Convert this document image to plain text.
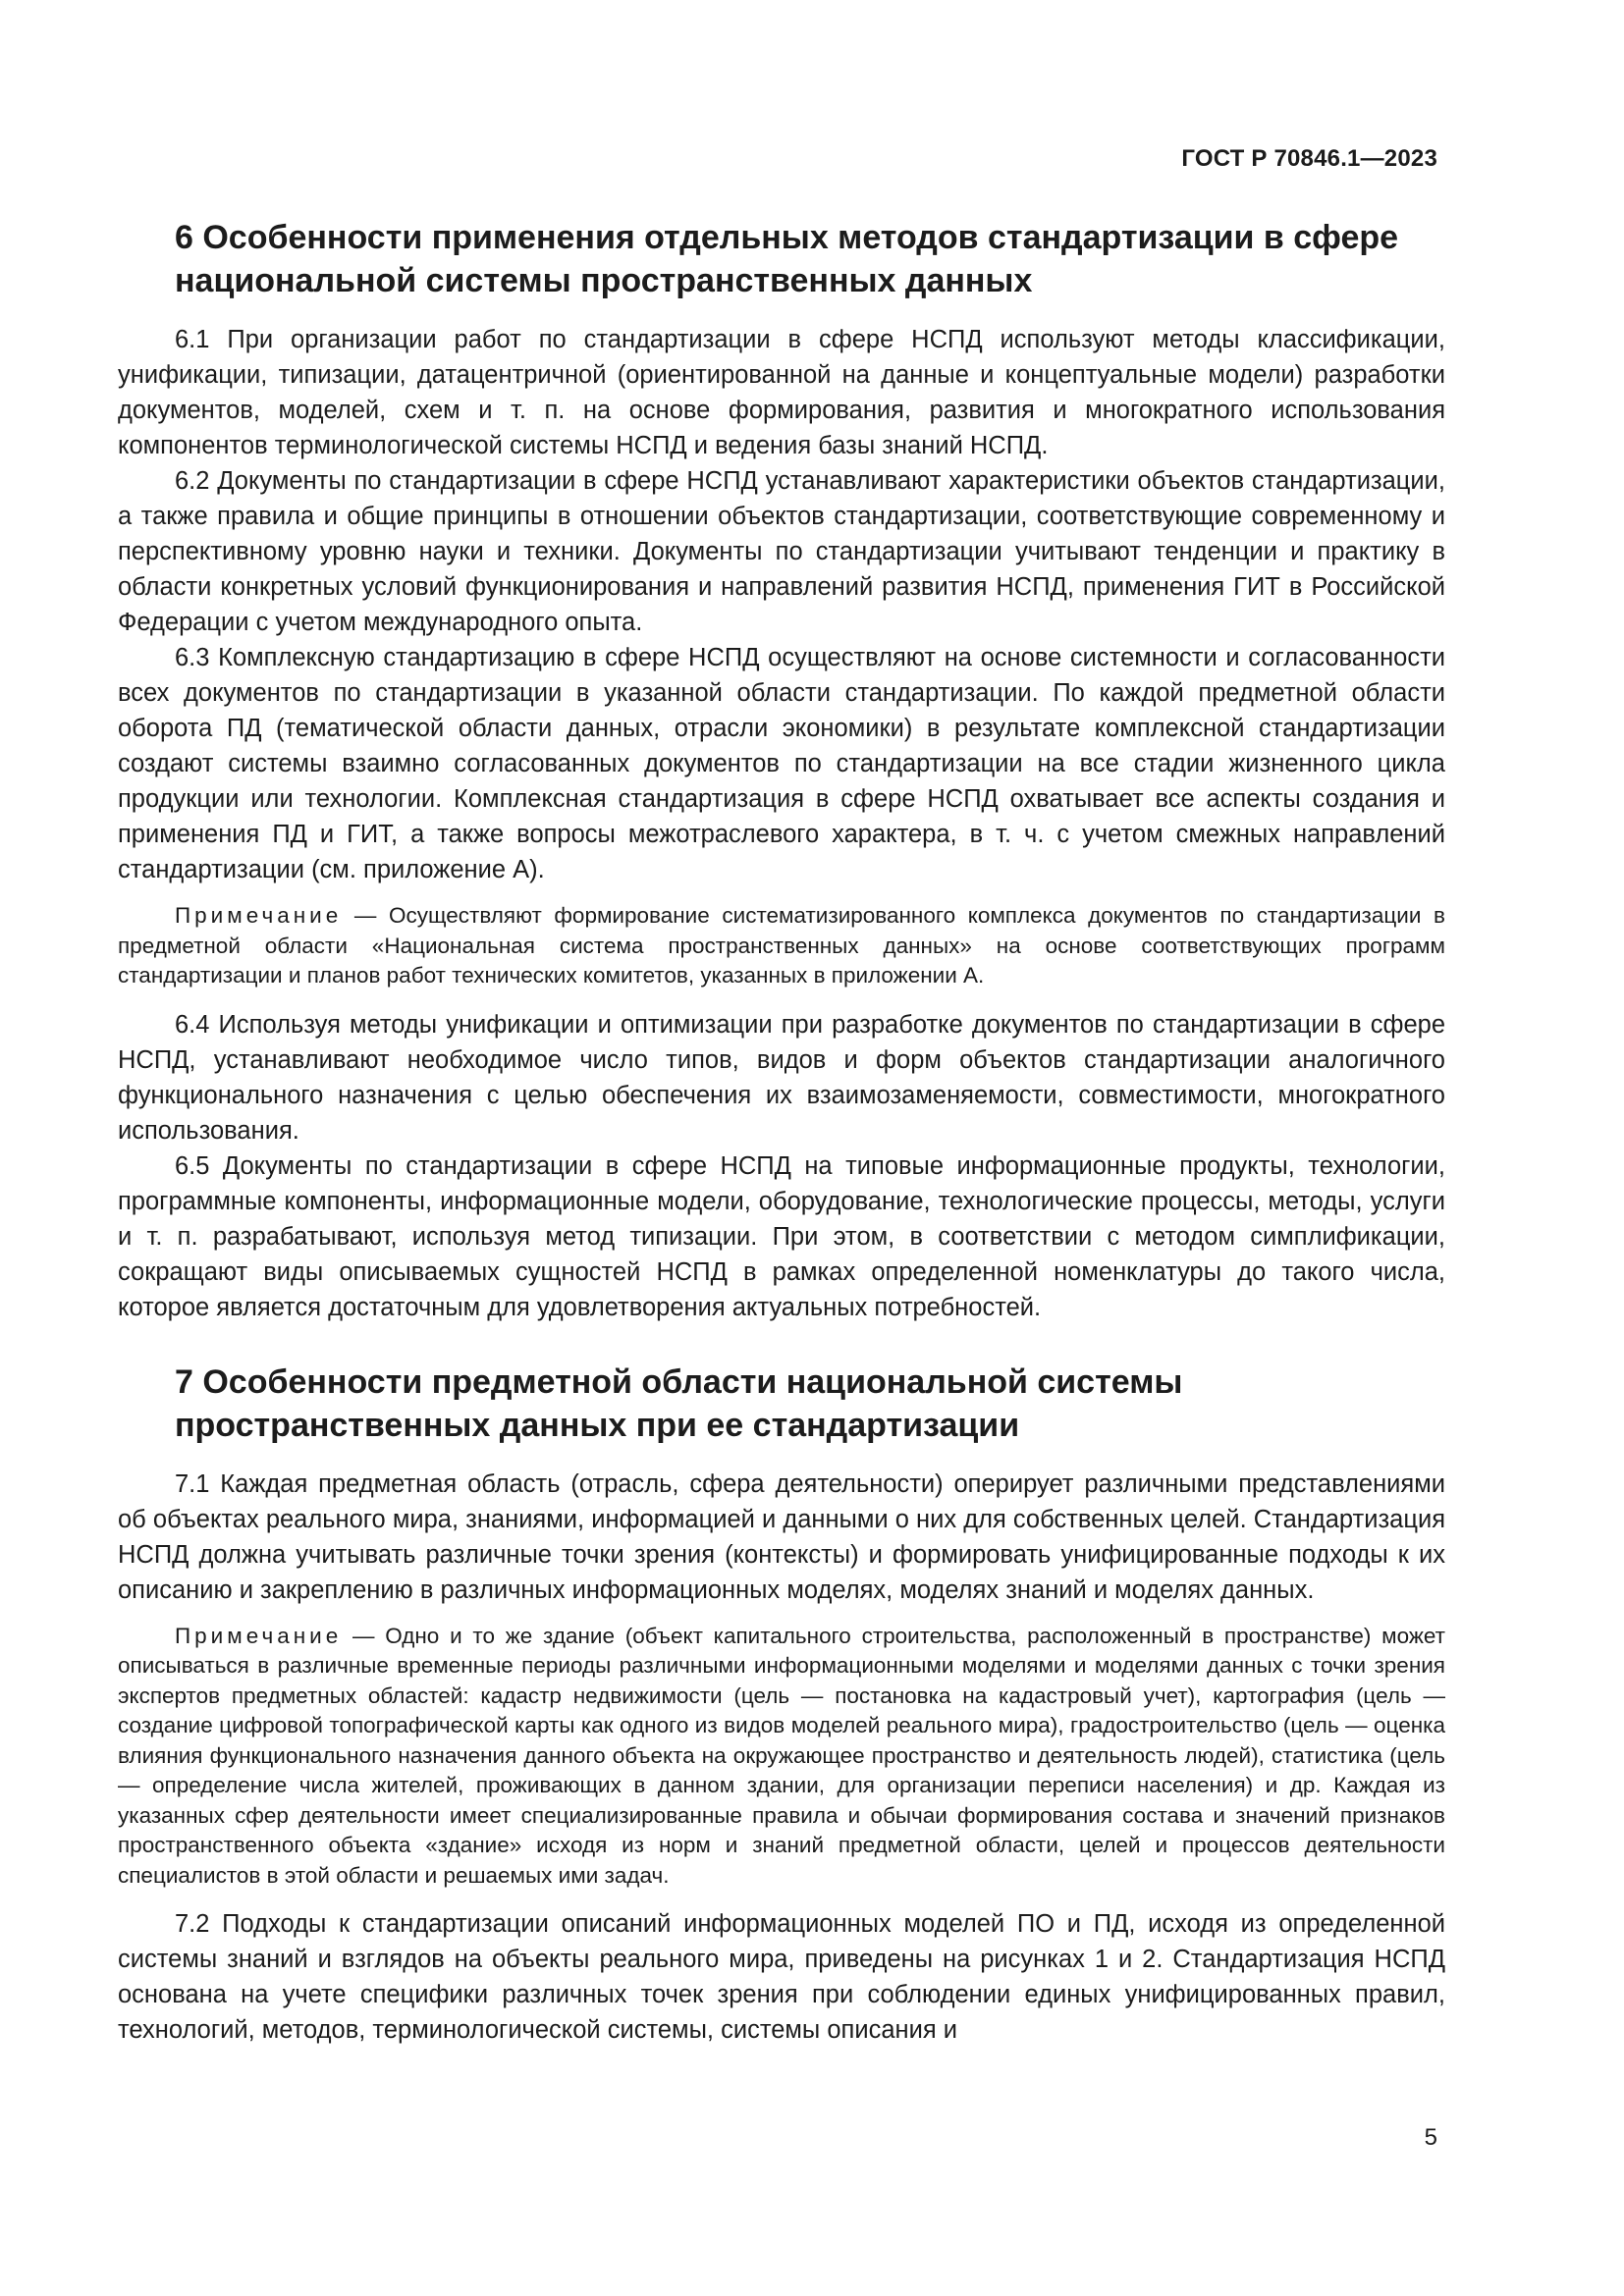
ГОСТ Р 70846.1—2023
6 Особенности применения отдельных методов стандартизации в сфере национальной системы пространственных данных

6.1 При организации работ по стандартизации в сфере НСПД используют методы классификации, унификации, типизации, датацентричной (ориентированной на данные и концептуальные модели) разработки документов, моделей, схем и т. п. на основе формирования, развития и многократного использования компонентов терминологической системы НСПД и ведения базы знаний НСПД.

6.2 Документы по стандартизации в сфере НСПД устанавливают характеристики объектов стандартизации, а также правила и общие принципы в отношении объектов стандартизации, соответствующие современному и перспективному уровню науки и техники. Документы по стандартизации учитывают тенденции и практику в области конкретных условий функционирования и направлений развития НСПД, применения ГИТ в Российской Федерации с учетом международного опыта.

6.3 Комплексную стандартизацию в сфере НСПД осуществляют на основе системности и согласованности всех документов по стандартизации в указанной области стандартизации. По каждой предметной области оборота ПД (тематической области данных, отрасли экономики) в результате комплексной стандартизации создают системы взаимно согласованных документов по стандартизации на все стадии жизненного цикла продукции или технологии. Комплексная стандартизация в сфере НСПД охватывает все аспекты создания и применения ПД и ГИТ, а также вопросы межотраслевого характера, в т. ч. с учетом смежных направлений стандартизации (см. приложение А).

Примечание — Осуществляют формирование систематизированного комплекса документов по стандартизации в предметной области «Национальная система пространственных данных» на основе соответствующих программ стандартизации и планов работ технических комитетов, указанных в приложении А.

6.4 Используя методы унификации и оптимизации при разработке документов по стандартизации в сфере НСПД, устанавливают необходимое число типов, видов и форм объектов стандартизации аналогичного функционального назначения с целью обеспечения их взаимозаменяемости, совместимости, многократного использования.

6.5 Документы по стандартизации в сфере НСПД на типовые информационные продукты, технологии, программные компоненты, информационные модели, оборудование, технологические процессы, методы, услуги и т. п. разрабатывают, используя метод типизации. При этом, в соответствии с методом симплификации, сокращают виды описываемых сущностей НСПД в рамках определенной номенклатуры до такого числа, которое является достаточным для удовлетворения актуальных потребностей.

7 Особенности предметной области национальной системы пространственных данных при ее стандартизации

7.1 Каждая предметная область (отрасль, сфера деятельности) оперирует различными представлениями об объектах реального мира, знаниями, информацией и данными о них для собственных целей. Стандартизация НСПД должна учитывать различные точки зрения (контексты) и формировать унифицированные подходы к их описанию и закреплению в различных информационных моделях, моделях знаний и моделях данных.

Примечание — Одно и то же здание (объект капитального строительства, расположенный в пространстве) может описываться в различные временные периоды различными информационными моделями и моделями данных с точки зрения экспертов предметных областей: кадастр недвижимости (цель — постановка на кадастровый учет), картография (цель — создание цифровой топографической карты как одного из видов моделей реального мира), градостроительство (цель — оценка влияния функционального назначения данного объекта на окружающее пространство и деятельность людей), статистика (цель — определение числа жителей, проживающих в данном здании, для организации переписи населения) и др. Каждая из указанных сфер деятельности имеет специализированные правила и обычаи формирования состава и значений признаков пространственного объекта «здание» исходя из норм и знаний предметной области, целей и процессов деятельности специалистов в этой области и решаемых ими задач.

7.2 Подходы к стандартизации описаний информационных моделей ПО и ПД, исходя из определенной системы знаний и взглядов на объекты реального мира, приведены на рисунках 1 и 2. Стандартизация НСПД основана на учете специфики различных точек зрения при соблюдении единых унифицированных правил, технологий, методов, терминологической системы, системы описания и

5
